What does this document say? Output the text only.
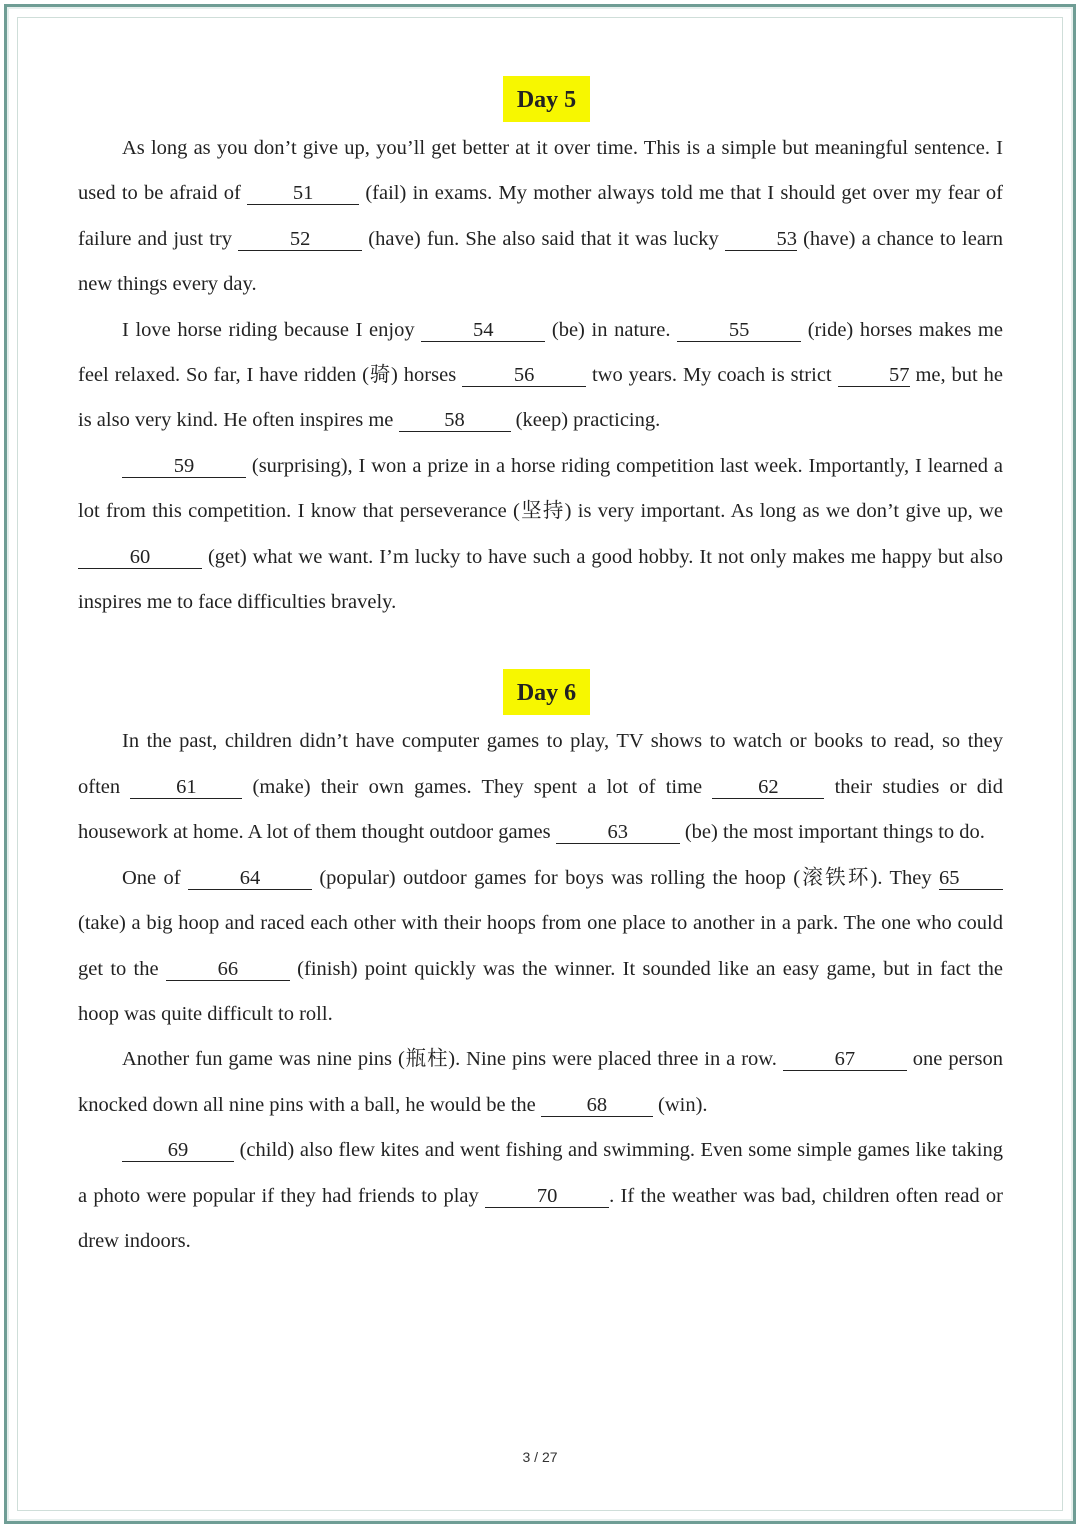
Day 5

As long as you don’t give up, you’ll get better at it over time. This is a simple but meaningful sentence. I used to be afraid of 51 (fail) in exams. My mother always told me that I should get over my fear of failure and just try	52	(have) fun. She also said that it was lucky	53 (have) a chance to learn new things every day.

I love horse riding because I enjoy	54	(be) in nature.	55	(ride) horses makes me feel relaxed. So far, I have ridden (骑) horses	56	two years. My coach is strict	57 me, but he is also very kind. He often inspires me 58 (keep) practicing.

59	(surprising), I won a prize in a horse riding competition last week. Importantly, I learned a lot from this competition. I know that perseverance (坚持) is very important. As long as we don’t give up, we 60	(get) what we want. I’m lucky to have such a good hobby. It not only makes me happy but also inspires me to face difficulties bravely.

Day 6

In the past, children didn’t have computer games to play, TV shows to watch or books to read, so they often 61 (make) their own games. They spent a lot of time 62 their studies or did housework at home. A lot of them thought outdoor games	63	(be) the most important things to do.

One of	64	(popular) outdoor games for boys was rolling the hoop (滚铁环). They 65 (take) a big hoop and raced each other with their hoops from one place to another in a park. The one who could get to the	66	(finish) point quickly was the winner. It sounded like an easy game, but in fact the hoop was quite difficult to roll.

Another fun game was nine pins (瓶柱). Nine pins were placed three in a row.	67	one person knocked down all nine pins with a ball, he would be the 68 (win).

69 (child) also flew kites and went fishing and swimming. Even some simple games like taking a photo were popular if they had friends to play	70	. If the weather was bad, children often read or drew indoors.

3 / 27
